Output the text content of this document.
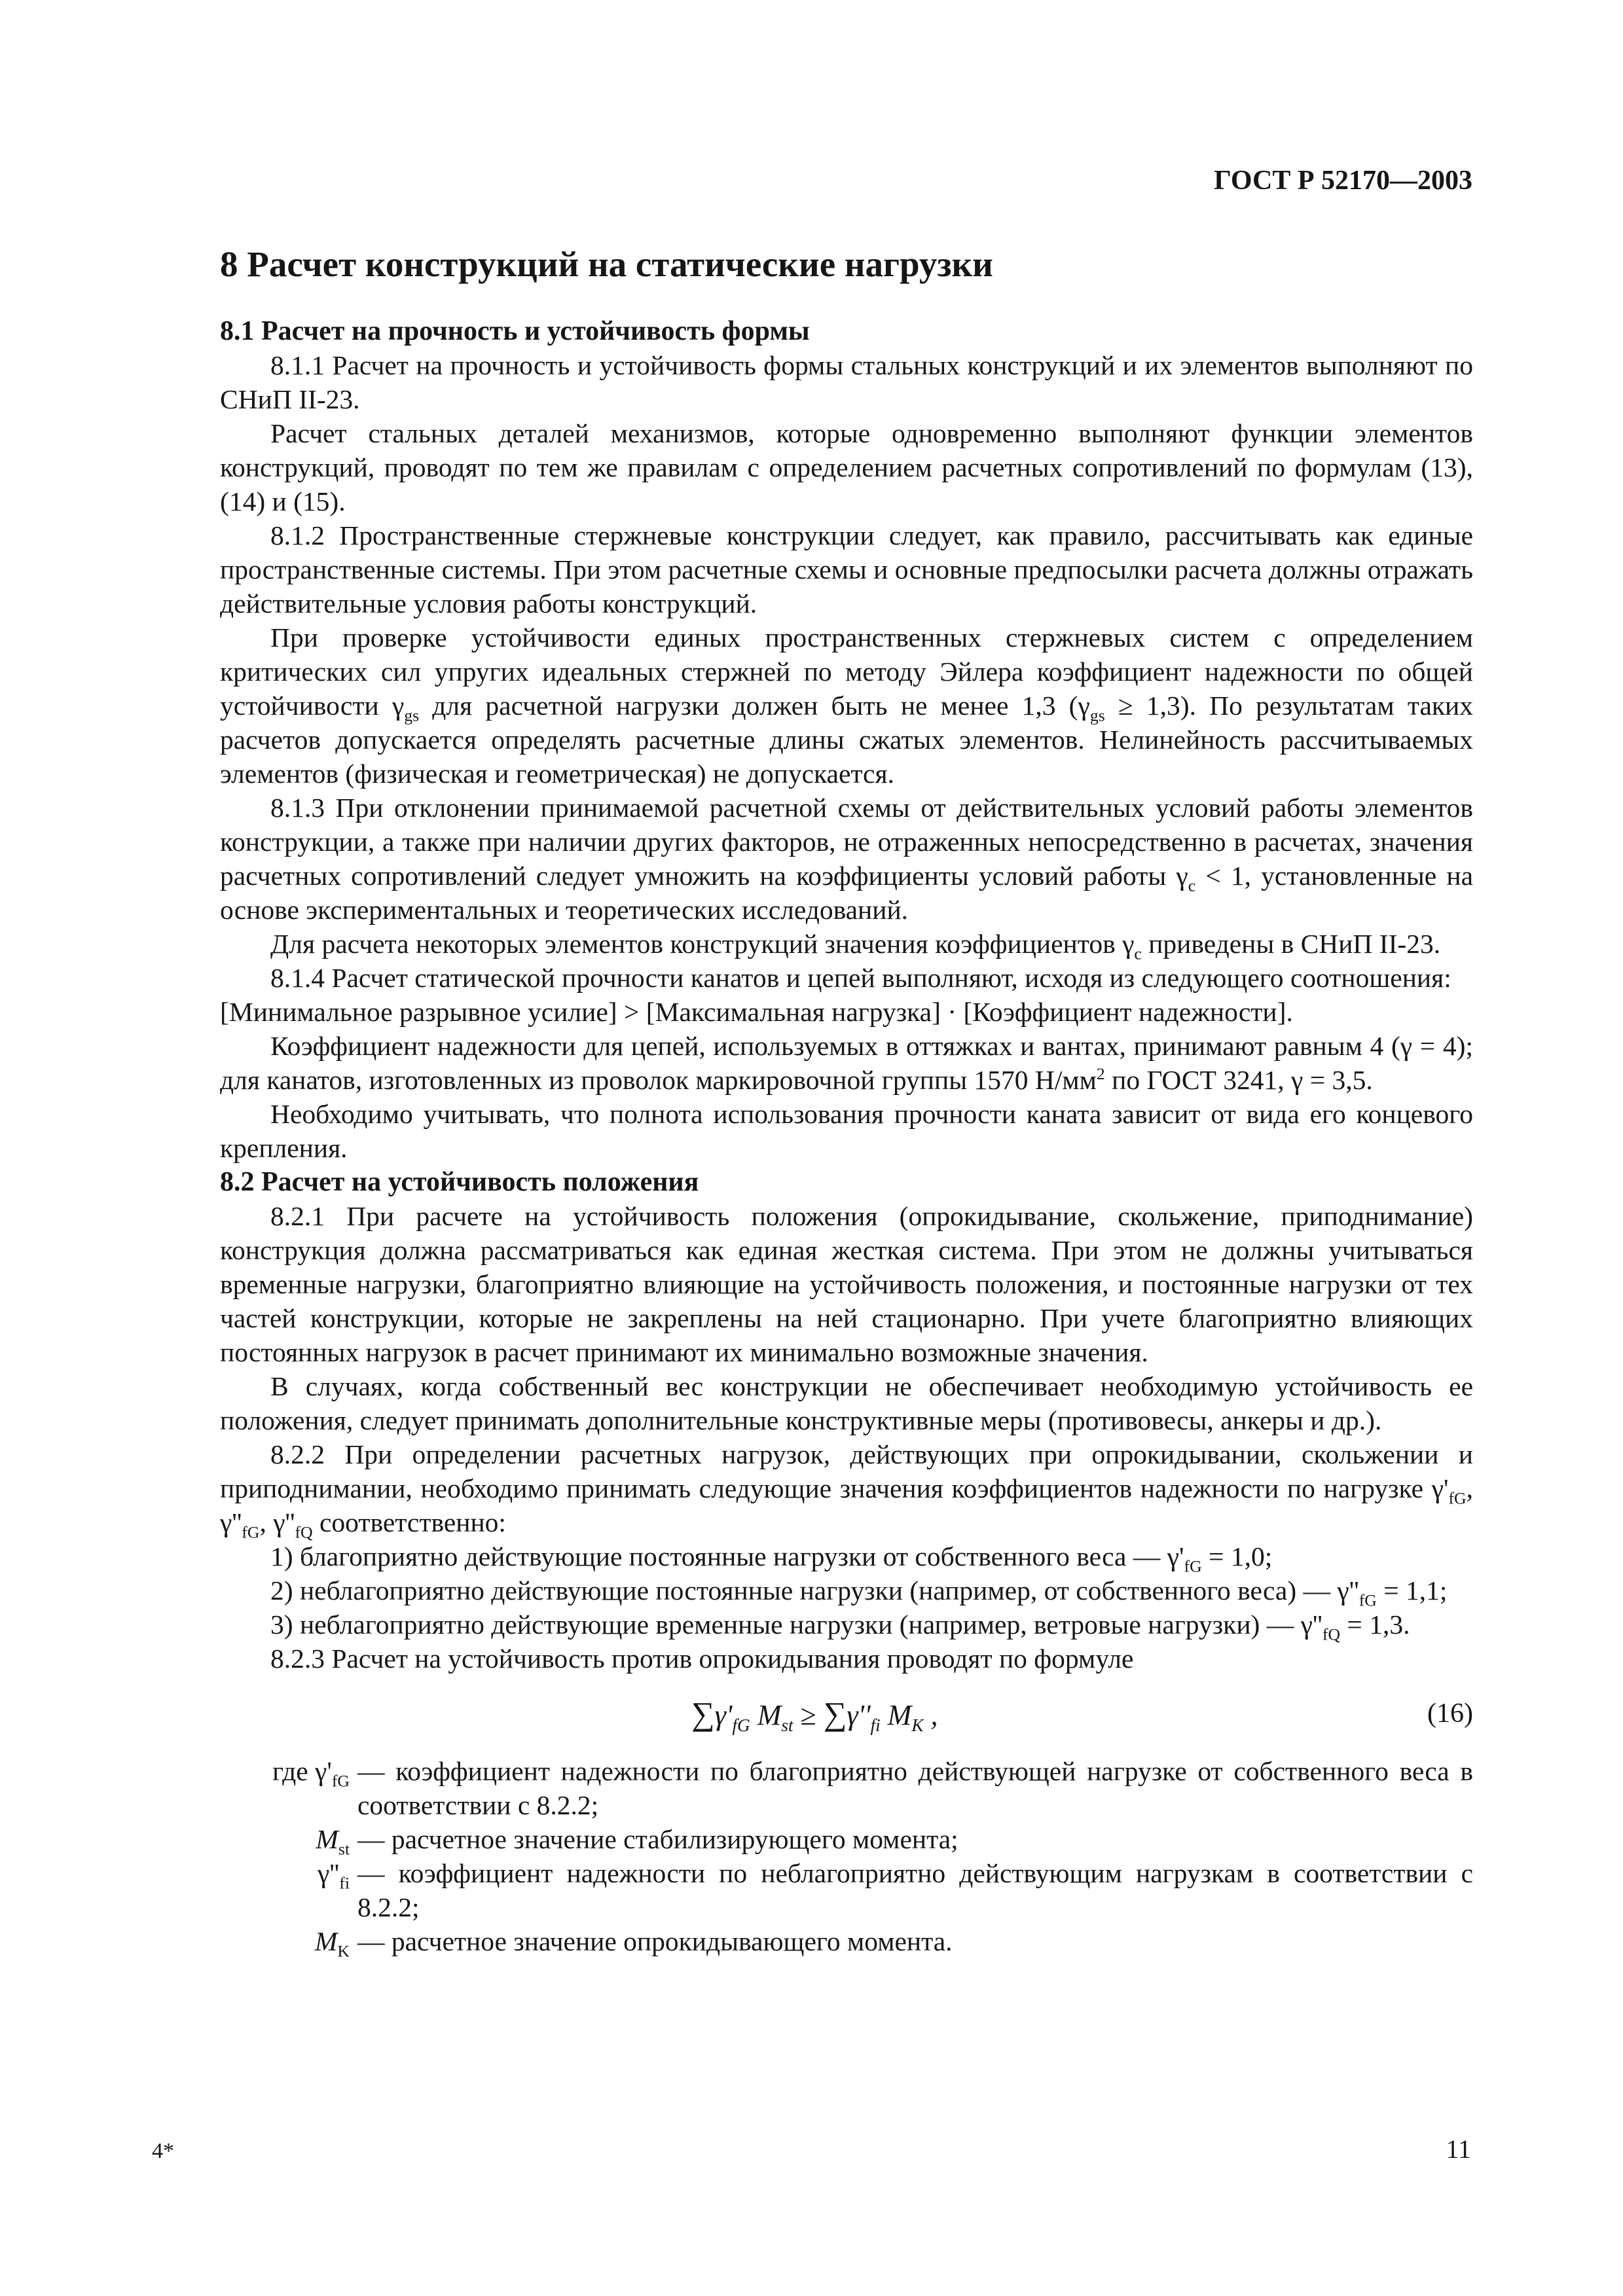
ГОСТ Р 52170—2003
8 Расчет конструкций на статические нагрузки

8.1 Расчет на прочность и устойчивость формы

8.1.1 Расчет на прочность и устойчивость формы стальных конструкций и их элементов выполняют по СНиП II-23.

Расчет стальных деталей механизмов, которые одновременно выполняют функции элементов конструкций, проводят по тем же правилам с определением расчетных сопротивлений по формулам (13), (14) и (15).

8.1.2 Пространственные стержневые конструкции следует, как правило, рассчитывать как единые пространственные системы. При этом расчетные схемы и основные предпосылки расчета должны отражать действительные условия работы конструкций.

При проверке устойчивости единых пространственных стержневых систем с определением критических сил упругих идеальных стержней по методу Эйлера коэффициент надежности по общей устойчивости $\gamma_{gs}$ для расчетной нагрузки должен быть не менее 1,3 $(\gamma_{gs} \ge 1,3)$. По результатам таких расчетов допускается определять расчетные длины сжатых элементов. Нелинейность рассчитываемых элементов (физическая и геометрическая) не допускается.

8.1.3 При отклонении принимаемой расчетной схемы от действительных условий работы элементов конструкции, а также при наличии других факторов, не отраженных непосредственно в расчетах, значения расчетных сопротивлений следует умножить на коэффициенты условий работы $\gamma_c < 1$, установленные на основе экспериментальных и теоретических исследований.

Для расчета некоторых элементов конструкций значения коэффициентов $\gamma_c$ приведены в СНиП II-23.

8.1.4 Расчет статической прочности канатов и цепей выполняют, исходя из следующего соотношения:

[Минимальное разрывное усилие] > [Максимальная нагрузка] · [Коэффициент надежности].

Коэффициент надежности для цепей, используемых в оттяжках и вантах, принимают равным 4 (γ = 4); для канатов, изготовленных из проволок маркировочной группы 1570 $Н/мм^2$ по ГОСТ 3241, γ = 3,5.

Необходимо учитывать, что полнота использования прочности каната зависит от вида его концевого крепления.

8.2 Расчет на устойчивость положения

8.2.1 При расчете на устойчивость положения (опрокидывание, скольжение, приподнимание) конструкция должна рассматриваться как единая жесткая система. При этом не должны учитываться временные нагрузки, благоприятно влияющие на устойчивость положения, и постоянные нагрузки от тех частей конструкции, которые не закреплены на ней стационарно. При учете благоприятно влияющих постоянных нагрузок в расчет принимают их минимально возможные значения.

В случаях, когда собственный вес конструкции не обеспечивает необходимую устойчивость ее положения, следует принимать дополнительные конструктивные меры (противовесы, анкеры и др.).

8.2.2 При определении расчетных нагрузок, действующих при опрокидывании, скольжении и приподнимании, необходимо принимать следующие значения коэффициентов надежности по нагрузке $\gamma'_{fG}$, $\gamma''_{fG}$, $\gamma''_{fQ}$ соответственно:

1) благоприятно действующие постоянные нагрузки от собственного веса — $\gamma'_{fG} = 1,0$;

2) неблагоприятно действующие постоянные нагрузки (например, от собственного веса) — $\gamma''_{fG} = 1,1$;

3) неблагоприятно действующие временные нагрузки (например, ветровые нагрузки) — $\gamma''_{fQ} = 1,3$.

8.2.3 Расчет на устойчивость против опрокидывания проводят по формуле

$\sum\gamma'_{fG}$ $M_{st} \ge \sum\gamma''_{fi}$ $M_K$ ,	(16)
где $\gamma'_{fG}$ — коэффициент надежности по благоприятно действующей нагрузке от собственного веса в соответствии с 8.2.2;
$M_{st}$ — расчетное значение стабилизирующего момента;
$\gamma''_{fi}$ — коэффициент надежности по неблагоприятно действующим нагрузкам в соответствии с 8.2.2;
$M_K$ — расчетное значение опрокидывающего момента.
4*	11
